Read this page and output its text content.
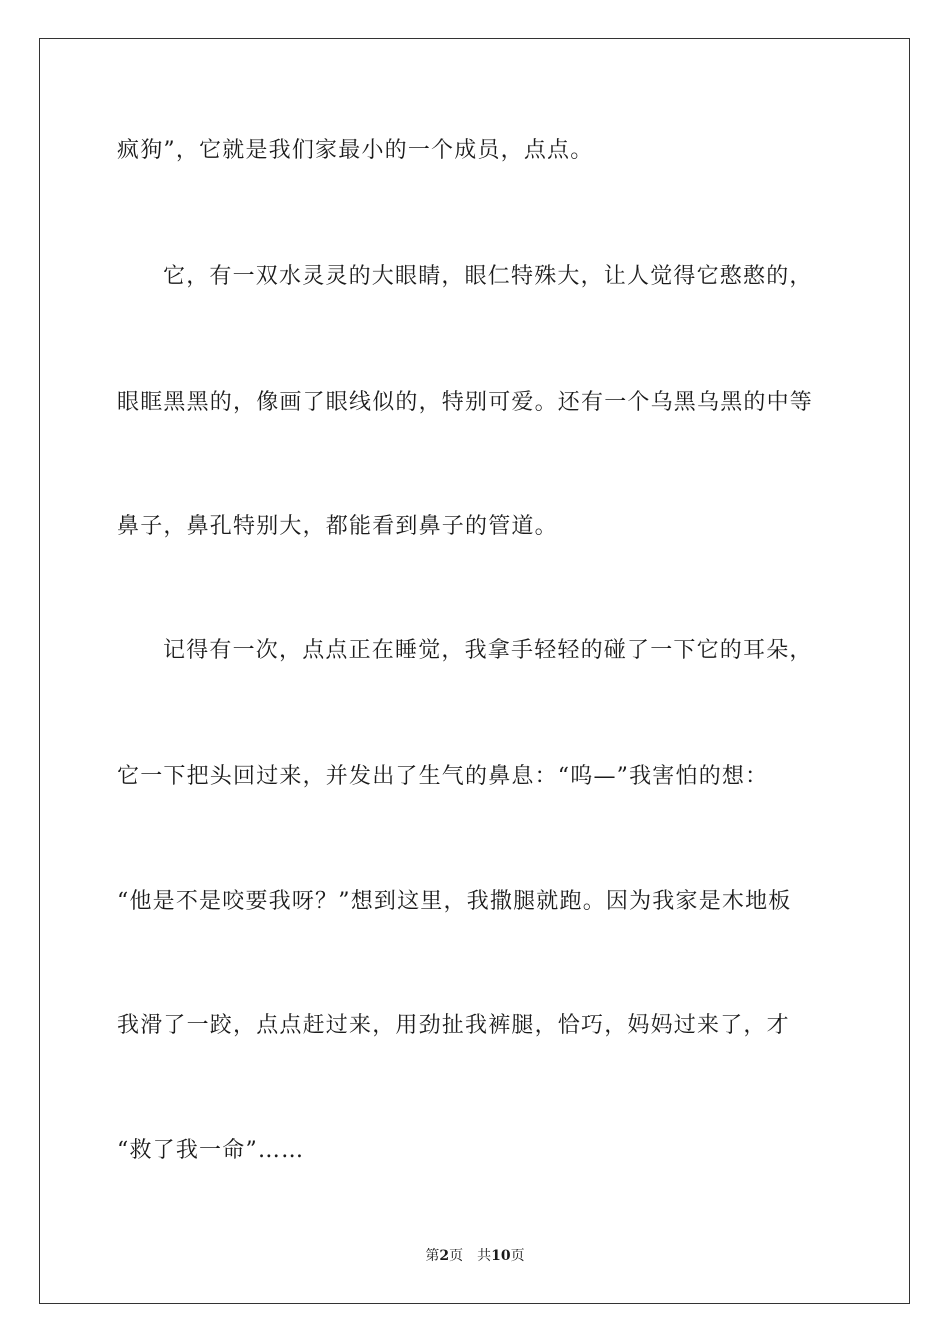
疯狗”，它就是我们家最小的一个成员，点点。
它，有一双水灵灵的大眼睛，眼仁特殊大，让人觉得它憨憨的，
眼眶黑黑的，像画了眼线似的，特别可爱。还有一个乌黑乌黑的中等
鼻子，鼻孔特别大，都能看到鼻子的管道。
记得有一次，点点正在睡觉，我拿手轻轻的碰了一下它的耳朵，
它一下把头回过来，并发出了生气的鼻息：“呜—”我害怕的想：
“他是不是咬要我呀？”想到这里，我撒腿就跑。因为我家是木地板
我滑了一跤，点点赶过来，用劲扯我裤腿，恰巧，妈妈过来了，才
“救了我一命”……
第2页 共10页
